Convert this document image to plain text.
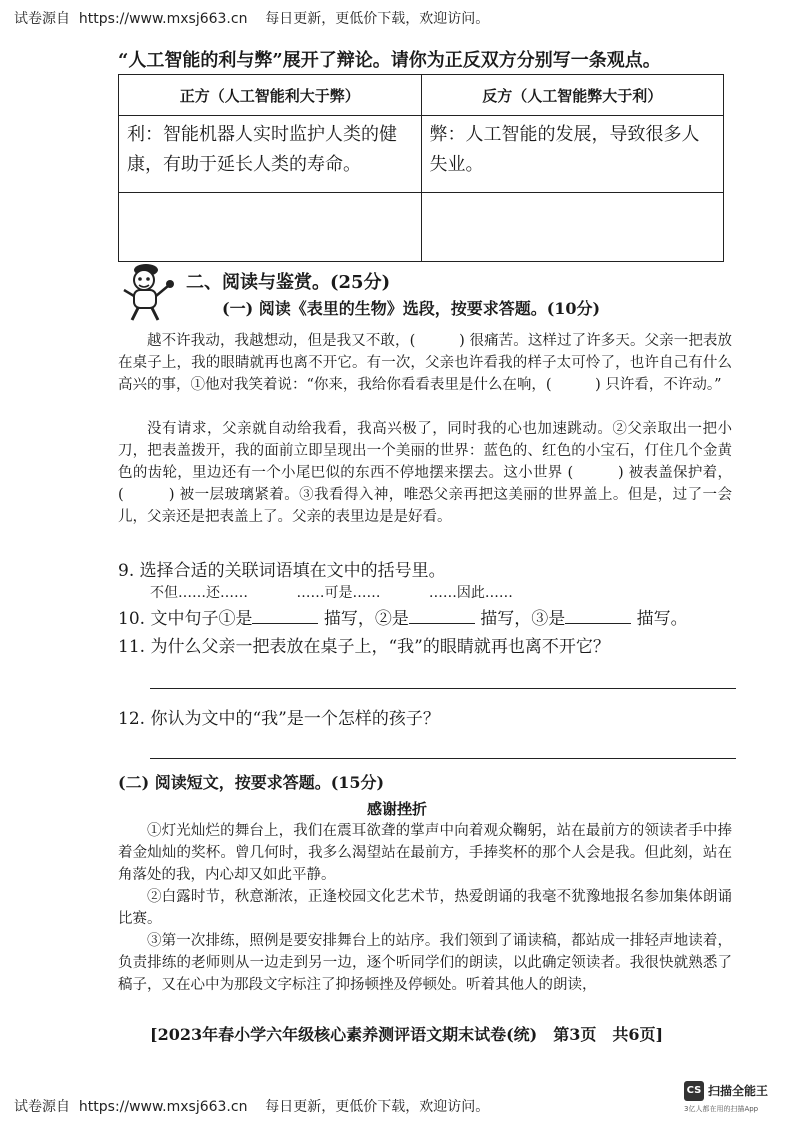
试卷源自 https://www.mxsj663.cn 每日更新，更低价下载，欢迎访问。
“人工智能的利与弊”展开了辩论。请你为正反双方分别写一条观点。
正方（人工智能利大于弊）	反方（人工智能弊大于利）
利：智能机器人实时监护人类的健康，有助于延长人类的寿命。	弊：人工智能的发展，导致很多人失业。

二、阅读与鉴赏。(25分)
(一) 阅读《表里的生物》选段，按要求答题。(10分)

越不许我动，我越想动，但是我又不敢，(　　　) 很痛苦。这样过了许多天。父亲一把表放在桌子上，我的眼睛就再也离不开它。有一次，父亲也许看我的样子太可怜了，也许自己有什么高兴的事，①他对我笑着说：“你来，我给你看看表里是什么在响，(　　　) 只许看，不许动。”

没有请求，父亲就自动给我看，我高兴极了，同时我的心也加速跳动。②父亲取出一把小刀，把表盖拨开，我的面前立即呈现出一个美丽的世界：蓝色的、红色的小宝石，仃住几个金黄色的齿轮，里边还有一个小尾巴似的东西不停地摆来摆去。这小世界 (　　　) 被表盖保护着，(　　　) 被一层玻璃紧着。③我看得入神，唯恐父亲再把这美丽的世界盖上。但是，过了一会儿，父亲还是把表盖上了。父亲的表里边是是好看。

9. 选择合适的关联词语填在文中的括号里。
不但……还……	……可是……	……因此……
10. 文中句子①是	描写，②是	描写，③是	描写。
11. 为什么父亲一把表放在桌子上，“我”的眼睛就再也离不开它？
12. 你认为文中的“我”是一个怎样的孩子？
(二) 阅读短文，按要求答题。(15分)
感谢挫折

①灯光灿烂的舞台上，我们在震耳欲聋的掌声中向着观众鞠躬，站在最前方的领读者手中捧着金灿灿的奖杯。曾几何时，我多么渴望站在最前方，手捧奖杯的那个人会是我。但此刻，站在角落处的我，内心却又如此平静。

②白露时节，秋意渐浓，正逢校园文化艺术节，热爱朗诵的我毫不犹豫地报名参加集体朗诵比赛。

③第一次排练，照例是要安排舞台上的站序。我们领到了诵读稿，都站成一排轻声地读着，负责排练的老师则从一边走到另一边，逐个听同学们的朗读，以此确定领读者。我很快就熟悉了稿子，又在心中为那段文字标注了抑扬顿挫及停顿处。听着其他人的朗读，

[2023年春小学六年级核心素养测评语文期末试卷(统)　第3页　共6页]
试卷源自 https://www.mxsj663.cn 每日更新，更低价下载，欢迎访问。
CS 扫描全能王
3亿人都在用的扫描App
